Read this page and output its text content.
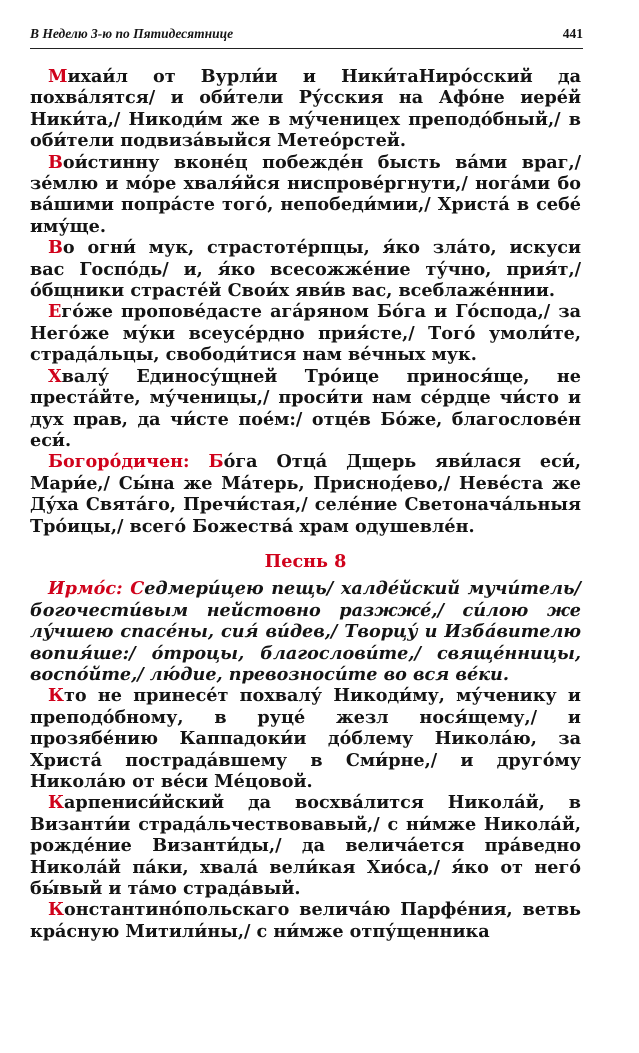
В Неделю 3-ю по Пятидесятнице	441

Михаи́л от Вурли́и и Ники́таНиро́сский да похва́лятся/ и оби́тели Ру́сския на Афо́не иере́й Ники́та,/ Никоди́м же в му́ченицех преподо́бный,/ в оби́тели подвиза́выйся Метео́рстей.

Вои́стинну вконе́ц побежде́н бысть ва́ми враг,/ зе́млю и мо́ре хваля́йся ниспрове́ргнути,/ нога́ми бо ва́шими попра́сте того́, непобеди́мии,/ Христа́ в себе́ иму́ще.

Во огни́ мук, страстоте́рпцы, я́ко зла́то, искуси вас Госпо́дь/ и, я́ко всесожже́ние ту́чно, прия́т,/ о́бщники страсте́й Свои́х яви́в вас, всеблаже́ннии.

Его́же пропове́дасте ага́рянoм Бо́га и Го́спода,/ за Него́же му́ки всеусе́рдно прия́сте,/ Того́ умоли́те, страда́льцы, свободи́тися нам ве́чных мук.

Хвалу́ Единосу́щней Тро́ице принося́ще, не преста́йте, му́ченицы,/ проси́ти нам се́рдце чи́сто и дух прав, да чи́сте пое́м:/ отце́в Бо́же, благослове́н еси́.

Богоро́дичен: Бо́га Отца́ Дщерь яви́лася еси́, Мари́е,/ Сы́на же Ма́терь, Приснод́ево,/ Неве́ста же Ду́ха Свята́го, Пречи́стая,/ селе́ние Светонача́льныя Тро́ицы,/ всего́ Божества́ храм одушевле́н.

Песнь 8

Ирмо́с: Седмери́цею пещь/ халде́йский мучи́тель/ богочести́вым нейстовно разжже́,/ си́лою же лу́чшею спасе́ны, сия́ ви́дев,/ Творцу́ и Изба́вителю вопия́ше:/ о́троцы, благослови́те,/ свяще́нницы, воспо́йте,/ лю́дие, превозноси́те во вся ве́ки.

Кто не принесе́т похвалу́ Никоди́му, му́ченику и преподо́бному, в руце́ жезл нося́щему,/ и прозябе́нию Каппадоки́и до́блему Никола́ю, за Христа́ пострада́вшему в Сми́рне,/ и друго́му Никола́ю от ве́си Ме́цовой.

Карпениси́йский да восхва́лится Никола́й, в Византи́и страда́льчествовавый,/ с ни́мже Никола́й, рожде́ние Византи́ды,/ да велича́ется пра́ведно Никола́й па́ки, хвала́ вели́кая Хио́са,/ я́ко от него́ бы́вый и та́мо страда́вый.

Константино́польскаго велича́ю Парфе́ния, ветвь кра́сную Митили́ны,/ с ни́мже отпу́щенника
